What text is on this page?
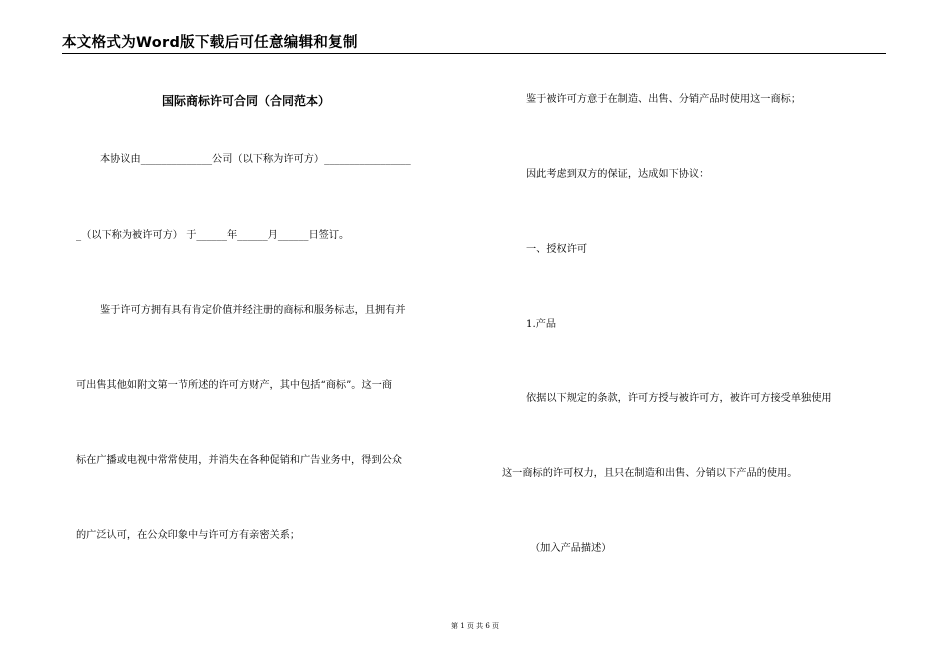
本文格式为Word版下载后可任意编辑和复制
国际商标许可合同（合同范本）
本协议由______________公司（以下称为许可方）_________________
_（以下称为被许可方） 于______年______月______日签订。
鉴于许可方拥有具有肯定价值并经注册的商标和服务标志，且拥有并
可出售其他如附文第一节所述的许可方财产，其中包括“商标”。这一商
标在广播或电视中常常使用，并消失在各种促销和广告业务中，得到公众
的广泛认可，在公众印象中与许可方有亲密关系；
鉴于被许可方意于在制造、出售、分销产品时使用这一商标；
因此考虑到双方的保证，达成如下协议：
一、授权许可
1.产品
依据以下规定的条款，许可方授与被许可方，被许可方接受单独使用
这一商标的许可权力，且只在制造和出售、分销以下产品的使用。
（加入产品描述）
第 1 页 共 6 页
